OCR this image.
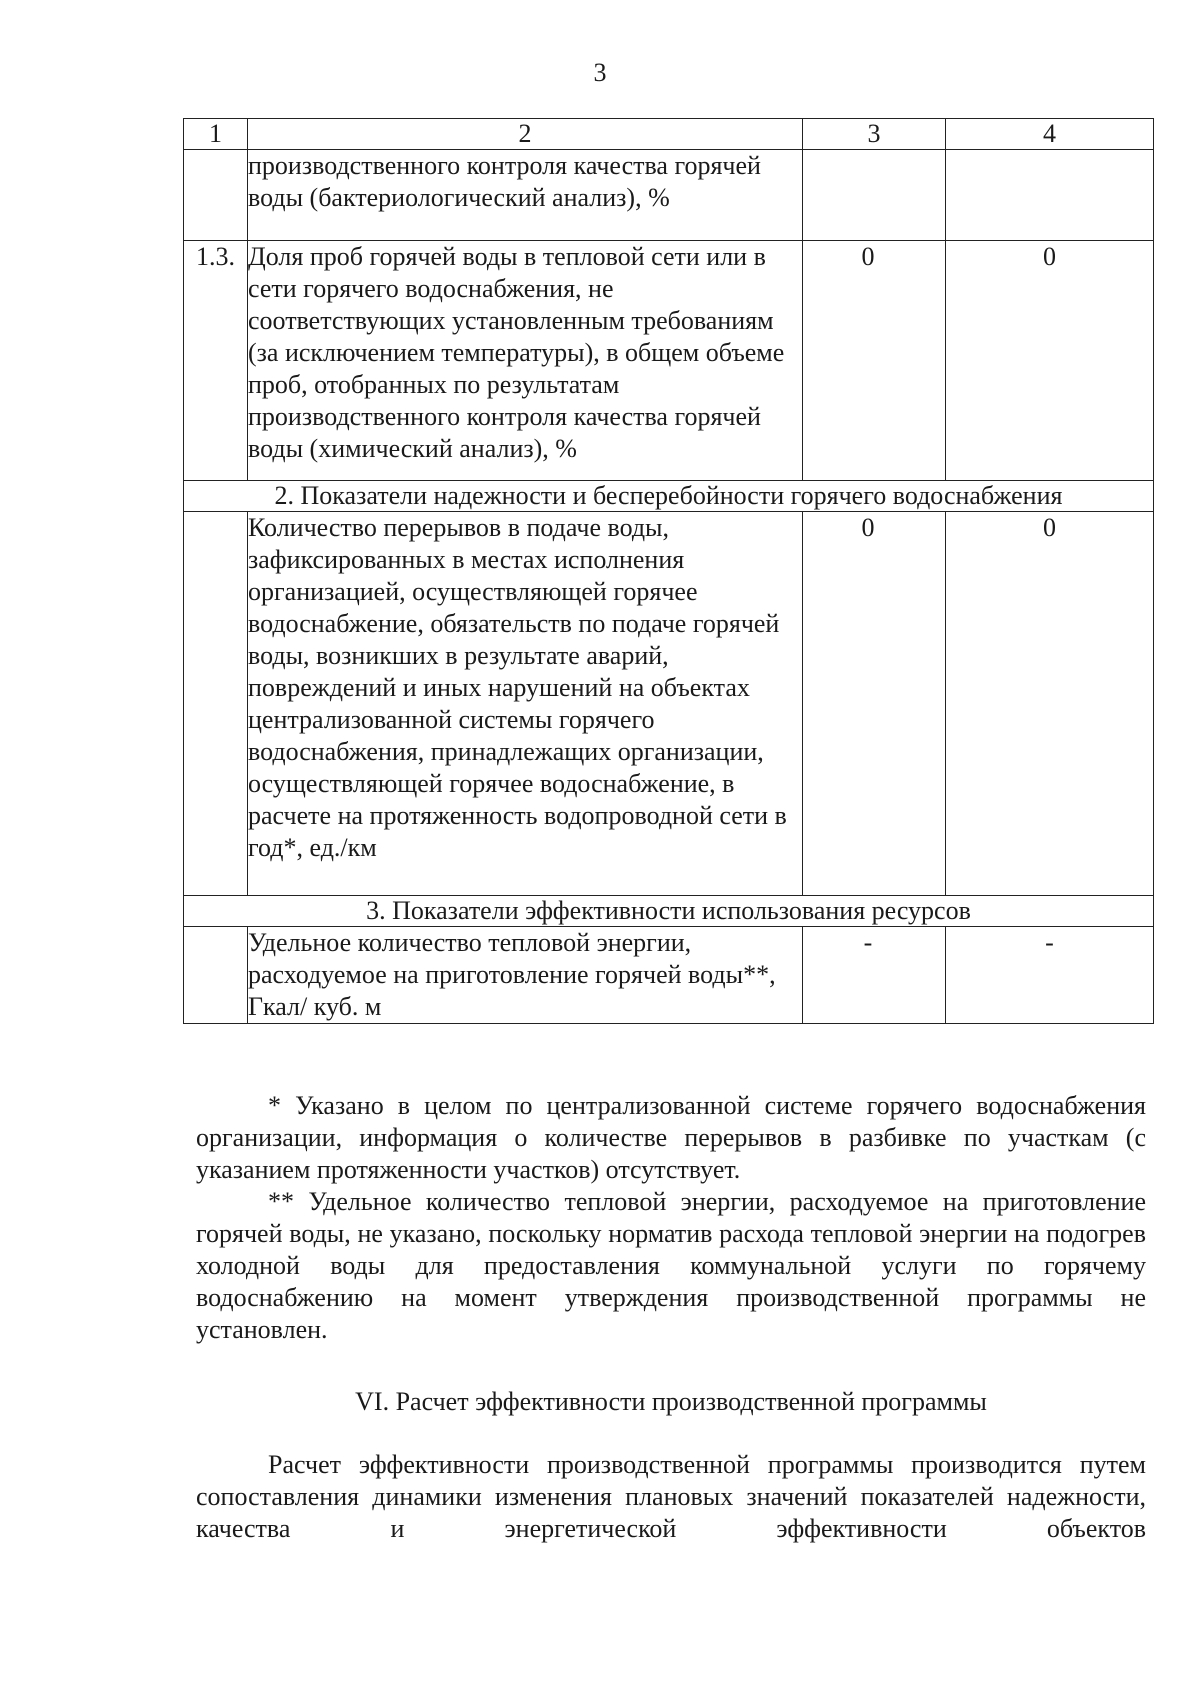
3
1	2	3	4
	производственного контроля качества горячей воды (бактериологический анализ), %		
1.3.	Доля проб горячей воды в тепловой сети или в сети горячего водоснабжения, не соответствующих установленным требованиям (за исключением температуры), в общем объеме проб, отобранных по результатам производственного контроля качества горячей воды (химический анализ), %	0	0
2. Показатели надежности и бесперебойности горячего водоснабжения			
	Количество перерывов в подаче воды, зафиксированных в местах исполнения организацией, осуществляющей горячее водоснабжение, обязательств по подаче горячей воды, возникших в результате аварий, повреждений и иных нарушений на объектах централизованной системы горячего водоснабжения, принадлежащих организации, осуществляющей горячее водоснабжение, в расчете на протяженность водопроводной сети в год*, ед./км	0	0
3. Показатели эффективности использования ресурсов			
	Удельное количество тепловой энергии, расходуемое на приготовление горячей воды**, Гкал/ куб. м	-	-

* Указано в целом по централизованной системе горячего водоснабжения организации, информация о количестве перерывов в разбивке по участкам (с указанием протяженности участков) отсутствует.

** Удельное количество тепловой энергии, расходуемое на приготовление горячей воды, не указано, поскольку норматив расхода тепловой энергии на подогрев холодной воды для предоставления коммунальной услуги по горячему водоснабжению на момент утверждения производственной программы не установлен.

VI. Расчет эффективности производственной программы
Расчет эффективности производственной программы производится путем сопоставления динамики изменения плановых значений показателей надежности, качества и энергетической эффективности объектов
